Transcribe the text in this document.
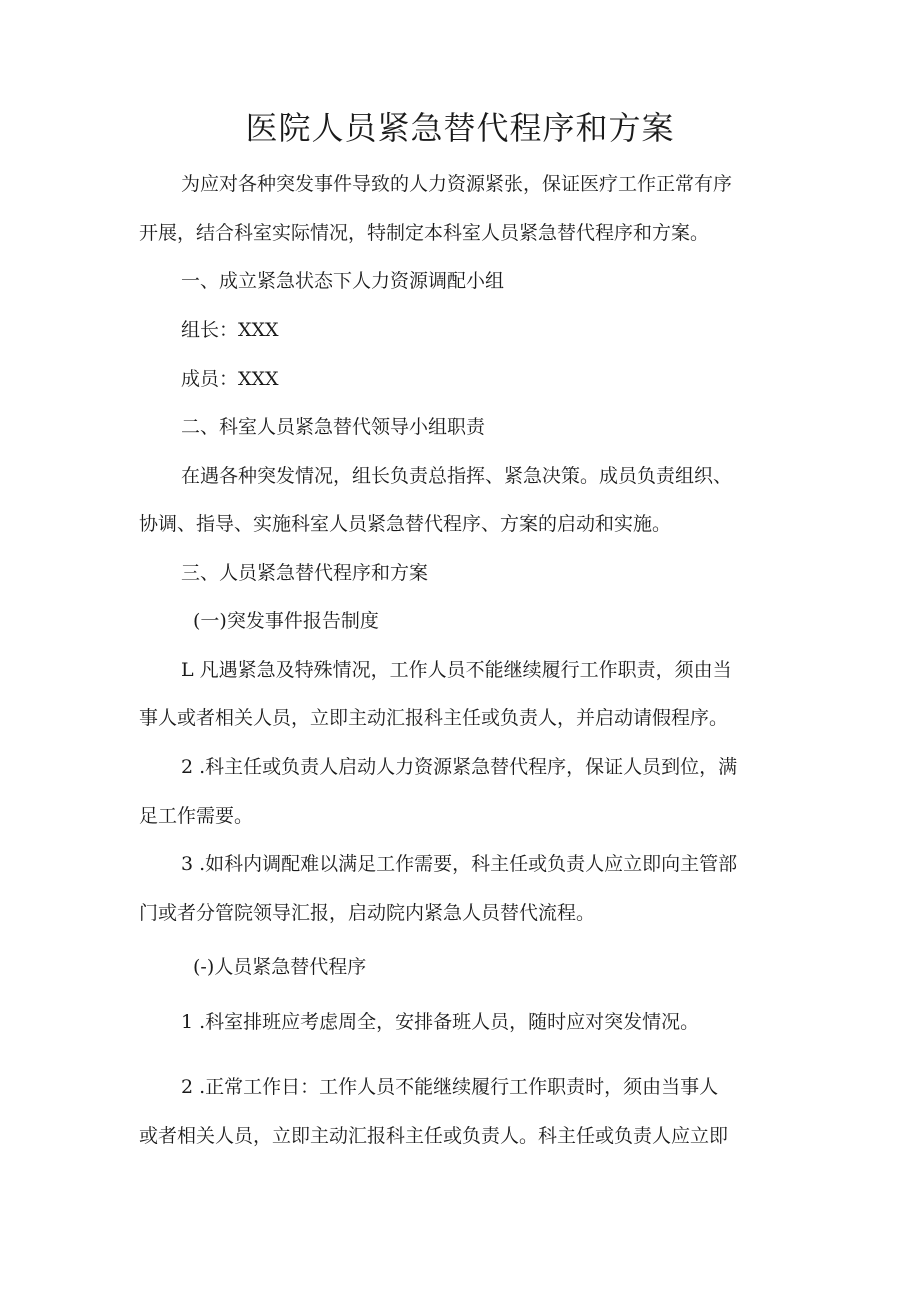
医院人员紧急替代程序和方案

为应对各种突发事件导致的人力资源紧张，保证医疗工作正常有序

开展，结合科室实际情况，特制定本科室人员紧急替代程序和方案。

一、成立紧急状态下人力资源调配小组

组长：XXX

成员：XXX

二、科室人员紧急替代领导小组职责

在遇各种突发情况，组长负责总指挥、紧急决策。成员负责组织、

协调、指导、实施科室人员紧急替代程序、方案的启动和实施。

三、人员紧急替代程序和方案

(一)突发事件报告制度

L 凡遇紧急及特殊情况，工作人员不能继续履行工作职责，须由当

事人或者相关人员，立即主动汇报科主任或负责人，并启动请假程序。

2 .科主任或负责人启动人力资源紧急替代程序，保证人员到位，满

足工作需要。

3 .如科内调配难以满足工作需要，科主任或负责人应立即向主管部

门或者分管院领导汇报，启动院内紧急人员替代流程。

(-)人员紧急替代程序

1 .科室排班应考虑周全，安排备班人员，随时应对突发情况。

2 .正常工作日：工作人员不能继续履行工作职责时，须由当事人

或者相关人员，立即主动汇报科主任或负责人。科主任或负责人应立即
